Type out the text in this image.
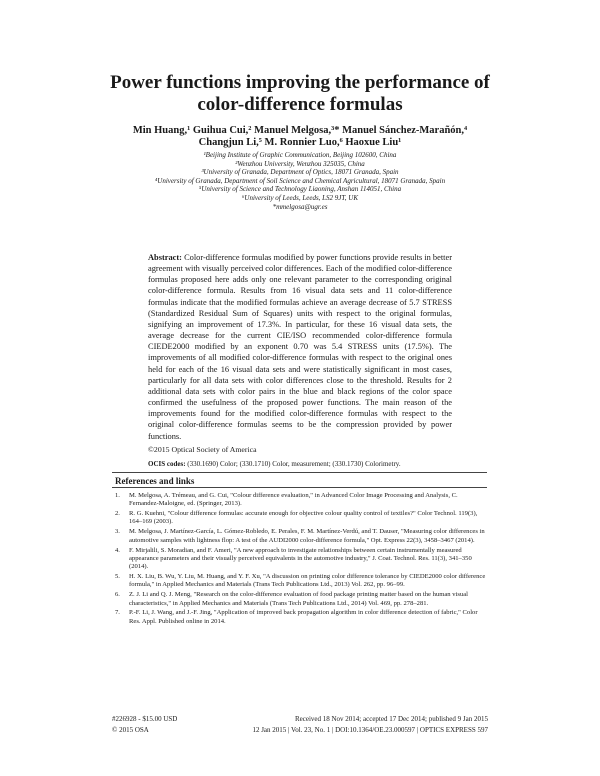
Power functions improving the performance of
color-difference formulas
Min Huang,¹ Guihua Cui,² Manuel Melgosa,³* Manuel Sánchez-Marañón,⁴
Changjun Li,⁵ M. Ronnier Luo,⁶ Haoxue Liu¹
¹Beijing Institute of Graphic Communication, Beijing 102600, China
²Wenzhou University, Wenzhou 325035, China
³University of Granada, Department of Optics, 18071 Granada, Spain
⁴University of Granada, Department of Soil Science and Chemical Agricultural, 18071 Granada, Spain
⁵University of Science and Technology Liaoning, Anshan 114051, China
⁶University of Leeds, Leeds, LS2 9JT, UK
*mmelgosa@ugr.es
Abstract: Color-difference formulas modified by power functions provide results in better agreement with visually perceived color differences. Each of the modified color-difference formulas proposed here adds only one relevant parameter to the corresponding original color-difference formula. Results from 16 visual data sets and 11 color-difference formulas indicate that the modified formulas achieve an average decrease of 5.7 STRESS (Standardized Residual Sum of Squares) units with respect to the original formulas, signifying an improvement of 17.3%. In particular, for these 16 visual data sets, the average decrease for the current CIE/ISO recommended color-difference formula CIEDE2000 modified by an exponent 0.70 was 5.4 STRESS units (17.5%). The improvements of all modified color-difference formulas with respect to the original ones held for each of the 16 visual data sets and were statistically significant in most cases, particularly for all data sets with color differences close to the threshold. Results for 2 additional data sets with color pairs in the blue and black regions of the color space confirmed the usefulness of the proposed power functions. The main reason of the improvements found for the modified color-difference formulas with respect to the original color-difference formulas seems to be the compression provided by power functions.
©2015 Optical Society of America
OCIS codes: (330.1690) Color; (330.1710) Color, measurement; (330.1730) Colorimetry.
References and links
1.	M. Melgosa, A. Trémeau, and G. Cui, "Colour difference evaluation," in Advanced Color Image Processing and Analysis, C. Fernandez-Maloigne, ed. (Springer, 2013).
2.	R. G. Kuehni, "Colour difference formulas: accurate enough for objective colour quality control of textiles?" Color Technol. 119(3), 164–169 (2003).
3.	M. Melgosa, J. Martínez-García, L. Gómez-Robledo, E. Perales, F. M. Martínez-Verdú, and T. Dauser, "Measuring color differences in automotive samples with lightness flop: A test of the AUDI2000 color-difference formula," Opt. Express 22(3), 3458–3467 (2014).
4.	F. Mirjalili, S. Moradian, and F. Ameri, "A new approach to investigate relationships between certain instrumentally measured appearance parameters and their visually perceived equivalents in the automotive industry," J. Coat. Technol. Res. 11(3), 341–350 (2014).
5.	H. X. Liu, B. Wu, Y. Liu, M. Huang, and Y. F. Xu, "A discussion on printing color difference tolerance by CIEDE2000 color difference formula," in Applied Mechanics and Materials (Trans Tech Publications Ltd., 2013) Vol. 262, pp. 96–99.
6.	Z. J. Li and Q. J. Meng, "Research on the color-difference evaluation of food package printing matter based on the human visual characteristics," in Applied Mechanics and Materials (Trans Tech Publications Ltd., 2014) Vol. 469, pp. 278–281.
7.	P.-F. Li, J. Wang, and J.-F. Jing, "Application of improved back propagation algorithm in color difference detection of fabric," Color Res. Appl. Published online in 2014.
#226928 - $15.00 USD	Received 18 Nov 2014; accepted 17 Dec 2014; published 9 Jan 2015
© 2015 OSA	12 Jan 2015 | Vol. 23, No. 1 | DOI:10.1364/OE.23.000597 | OPTICS EXPRESS 597
